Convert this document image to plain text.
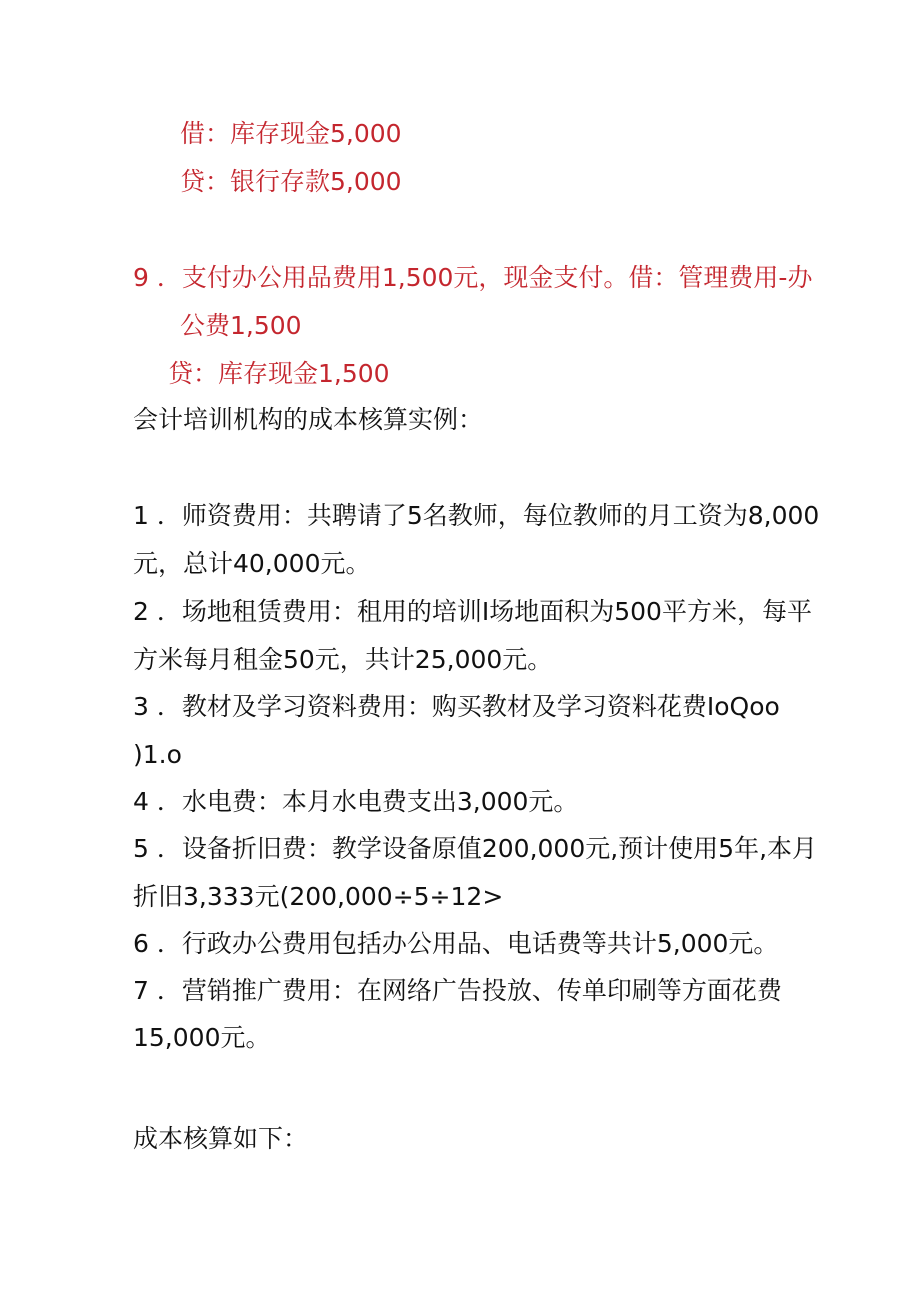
借：库存现金5,000
贷：银行存款5,000
9 ．支付办公用品费用1,500元，现金支付。借：管理费用-办
公费1,500
贷：库存现金1,500
会计培训机构的成本核算实例：
1 ．师资费用：共聘请了5名教师，每位教师的月工资为8,000
元，总计40,000元。
2 ．场地租赁费用：租用的培训I场地面积为500平方米，每平
方米每月租金50元，共计25,000元。
3 ．教材及学习资料费用：购买教材及学习资料花费IoQoo
)1.o
4 ．水电费：本月水电费支出3,000元。
5 ．设备折旧费：教学设备原值200,000元,预计使用5年,本月
折旧3,333元(200,000÷5÷12>
6 ．行政办公费用包括办公用品、电话费等共计5,000元。
7 ．营销推广费用：在网络广告投放、传单印刷等方面花费
15,000元。
成本核算如下：
